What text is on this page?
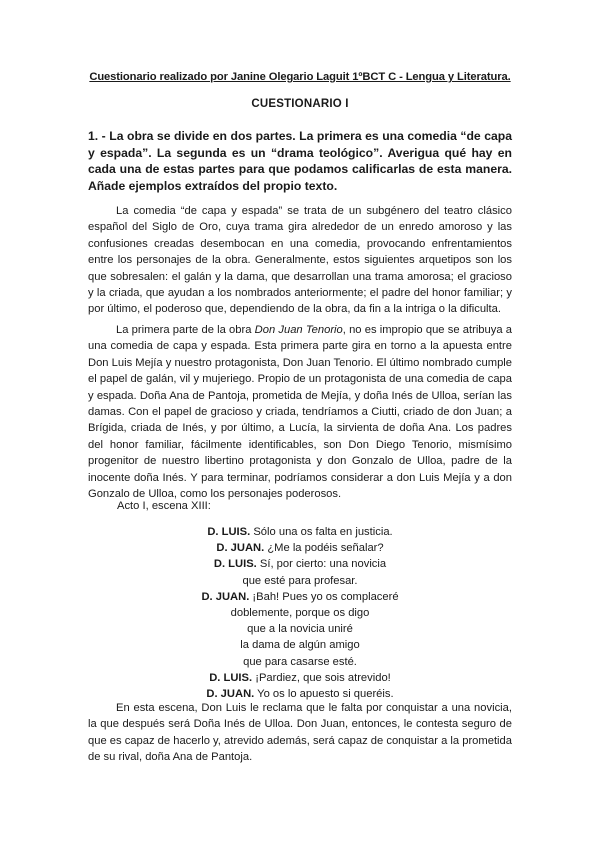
Cuestionario realizado por Janine Olegario Laguit 1ºBCT C - Lengua y Literatura.
CUESTIONARIO I
1. - La obra se divide en dos partes. La primera es una comedia “de capa y espada”. La segunda es un “drama teológico”. Averigua qué hay en cada una de estas partes para que podamos calificarlas de esta manera. Añade ejemplos extraídos del propio texto.

La comedia “de capa y espada” se trata de un subgénero del teatro clásico español del Siglo de Oro, cuya trama gira alrededor de un enredo amoroso y las confusiones creadas desembocan en una comedia, provocando enfrentamientos entre los personajes de la obra. Generalmente, estos siguientes arquetipos son los que sobresalen: el galán y la dama, que desarrollan una trama amorosa; el gracioso y la criada, que ayudan a los nombrados anteriormente; el padre del honor familiar; y por último, el poderoso que, dependiendo de la obra, da fin a la intriga o la dificulta.

La primera parte de la obra Don Juan Tenorio, no es impropio que se atribuya a una comedia de capa y espada. Esta primera parte gira en torno a la apuesta entre Don Luis Mejía y nuestro protagonista, Don Juan Tenorio. El último nombrado cumple el papel de galán, vil y mujeriego. Propio de un protagonista de una comedia de capa y espada. Doña Ana de Pantoja, prometida de Mejía, y doña Inés de Ulloa, serían las damas. Con el papel de gracioso y criada, tendríamos a Ciutti, criado de don Juan; a Brígida, criada de Inés, y por último, a Lucía, la sirvienta de doña Ana. Los padres del honor familiar, fácilmente identificables, son Don Diego Tenorio, mismísimo progenitor de nuestro libertino protagonista y don Gonzalo de Ulloa, padre de la inocente doña Inés. Y para terminar, podríamos considerar a don Luis Mejía y a don Gonzalo de Ulloa, como los personajes poderosos.

Acto I, escena XIII:
D. LUIS. Sólo una os falta en justicia.
D. JUAN. ¿Me la podéis señalar?
D. LUIS. Sí, por cierto: una novicia
que esté para profesar.
D. JUAN. ¡Bah! Pues yo os complaceré
doblemente, porque os digo
que a la novicia uniré
la dama de algún amigo
que para casarse esté.
D. LUIS. ¡Pardiez, que sois atrevido!
D. JUAN. Yo os lo apuesto si queréis.

En esta escena, Don Luis le reclama que le falta por conquistar a una novicia, la que después será Doña Inés de Ulloa. Don Juan, entonces, le contesta seguro de que es capaz de hacerlo y, atrevido además, será capaz de conquistar a la prometida de su rival, doña Ana de Pantoja.
